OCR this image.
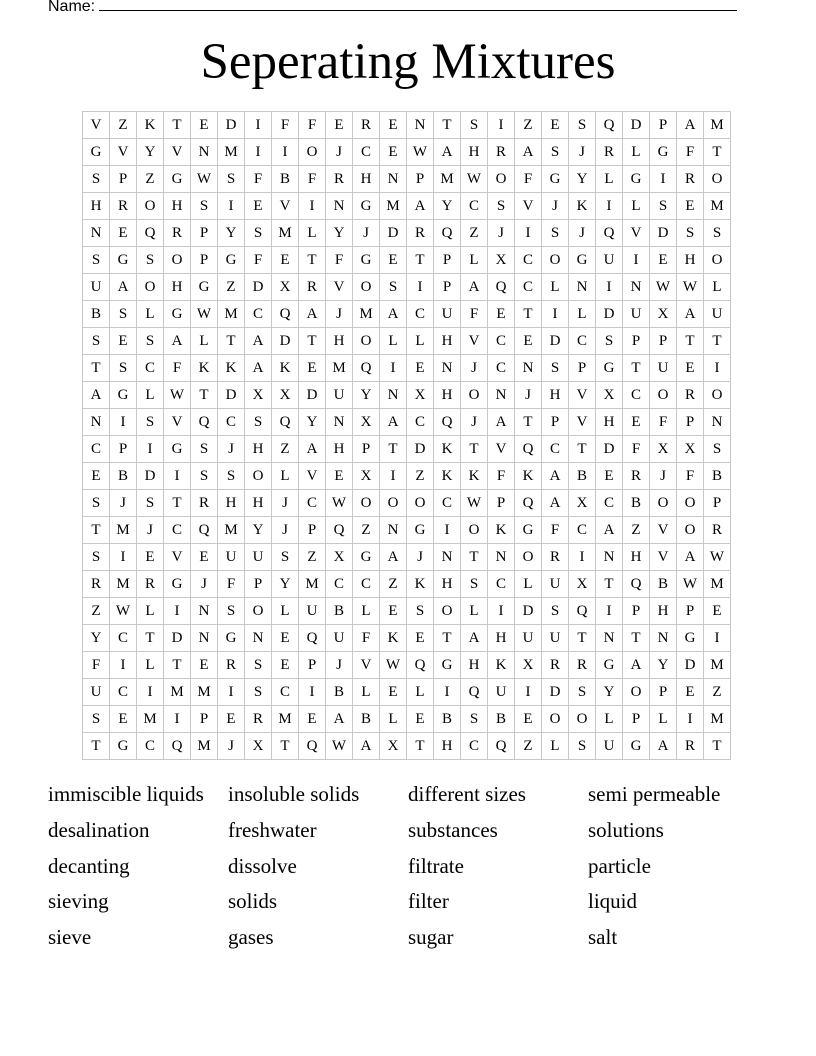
Name:
Seperating Mixtures
V	Z	K	T	E	D	I	F	F	E	R	E	N	T	S	I	Z	E	S	Q	D	P	A	M
G	V	Y	V	N	M	I	I	O	J	C	E	W	A	H	R	A	S	J	R	L	G	F	T
S	P	Z	G	W	S	F	B	F	R	H	N	P	M	W	O	F	G	Y	L	G	I	R	O
H	R	O	H	S	I	E	V	I	N	G	M	A	Y	C	S	V	J	K	I	L	S	E	M
N	E	Q	R	P	Y	S	M	L	Y	J	D	R	Q	Z	J	I	S	J	Q	V	D	S	S
S	G	S	O	P	G	F	E	T	F	G	E	T	P	L	X	C	O	G	U	I	E	H	O
U	A	O	H	G	Z	D	X	R	V	O	S	I	P	A	Q	C	L	N	I	N	W	W	L
B	S	L	G	W	M	C	Q	A	J	M	A	C	U	F	E	T	I	L	D	U	X	A	U
S	E	S	A	L	T	A	D	T	H	O	L	L	H	V	C	E	D	C	S	P	P	T	T
T	S	C	F	K	K	A	K	E	M	Q	I	E	N	J	C	N	S	P	G	T	U	E	I
A	G	L	W	T	D	X	X	D	U	Y	N	X	H	O	N	J	H	V	X	C	O	R	O
N	I	S	V	Q	C	S	Q	Y	N	X	A	C	Q	J	A	T	P	V	H	E	F	P	N
C	P	I	G	S	J	H	Z	A	H	P	T	D	K	T	V	Q	C	T	D	F	X	X	S
E	B	D	I	S	S	O	L	V	E	X	I	Z	K	K	F	K	A	B	E	R	J	F	B
S	J	S	T	R	H	H	J	C	W	O	O	O	C	W	P	Q	A	X	C	B	O	O	P
T	M	J	C	Q	M	Y	J	P	Q	Z	N	G	I	O	K	G	F	C	A	Z	V	O	R
S	I	E	V	E	U	U	S	Z	X	G	A	J	N	T	N	O	R	I	N	H	V	A	W
R	M	R	G	J	F	P	Y	M	C	C	Z	K	H	S	C	L	U	X	T	Q	B	W	M
Z	W	L	I	N	S	O	L	U	B	L	E	S	O	L	I	D	S	Q	I	P	H	P	E
Y	C	T	D	N	G	N	E	Q	U	F	K	E	T	A	H	U	U	T	N	T	N	G	I
F	I	L	T	E	R	S	E	P	J	V	W	Q	G	H	K	X	R	R	G	A	Y	D	M
U	C	I	M	M	I	S	C	I	B	L	E	L	I	Q	U	I	D	S	Y	O	P	E	Z
S	E	M	I	P	E	R	M	E	A	B	L	E	B	S	B	E	O	O	L	P	L	I	M
T	G	C	Q	M	J	X	T	Q	W	A	X	T	H	C	Q	Z	L	S	U	G	A	R	T
immiscible liquids	insoluble solids	different sizes	semi permeable
desalination	freshwater	substances	solutions
decanting	dissolve	filtrate	particle
sieving	solids	filter	liquid
sieve	gases	sugar	salt
